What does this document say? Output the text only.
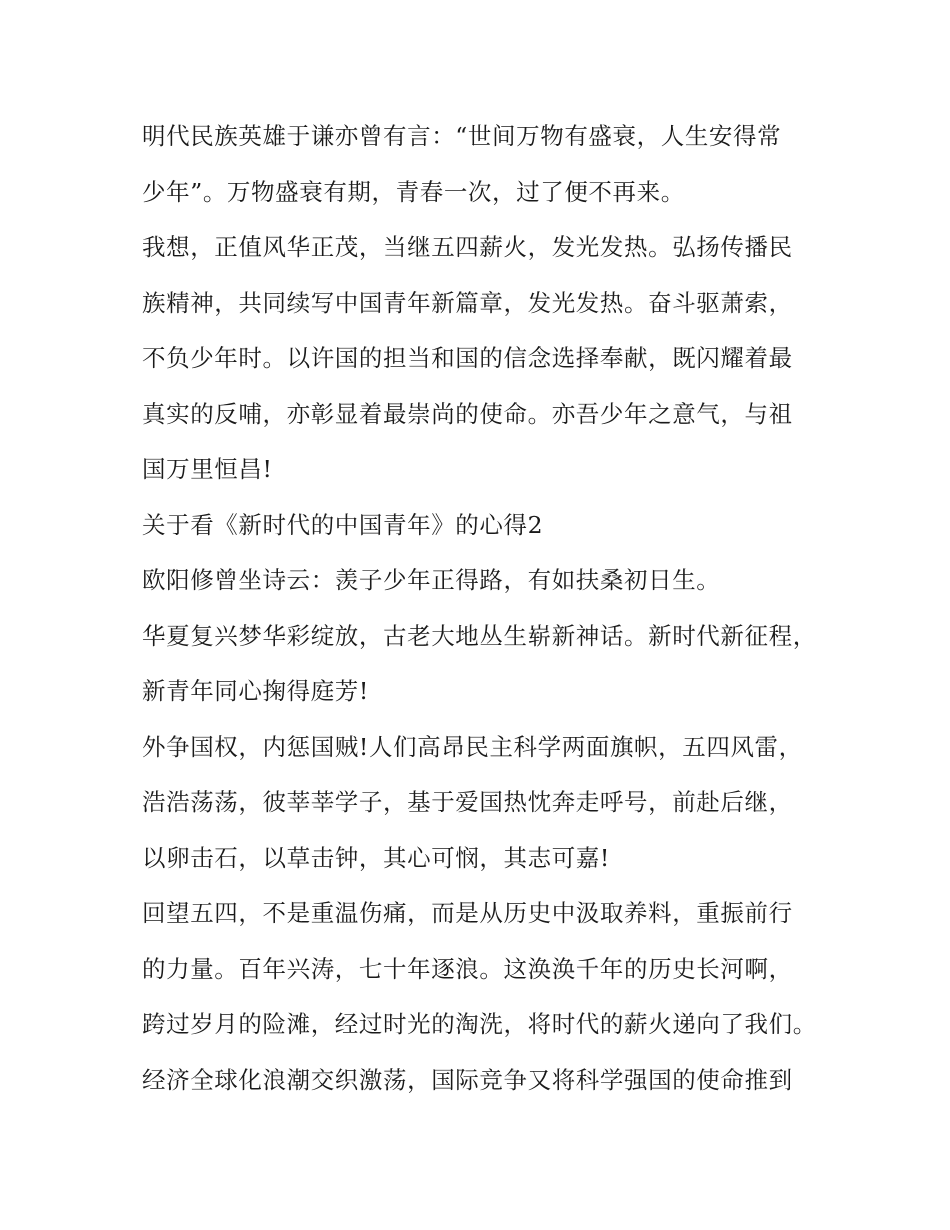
明代民族英雄于谦亦曾有言：“世间万物有盛衰，人生安得常
少年”。万物盛衰有期，青春一次，过了便不再来。
我想，正值风华正茂，当继五四薪火，发光发热。弘扬传播民
族精神，共同续写中国青年新篇章，发光发热。奋斗驱萧索，
不负少年时。以许国的担当和国的信念选择奉献，既闪耀着最
真实的反哺，亦彰显着最崇尚的使命。亦吾少年之意气，与祖
国万里恒昌!
关于看《新时代的中国青年》的心得2
欧阳修曾坐诗云：羡子少年正得路，有如扶桑初日生。
华夏复兴梦华彩绽放，古老大地丛生崭新神话。新时代新征程，
新青年同心掬得庭芳!
外争国权，内惩国贼!人们高昂民主科学两面旗帜，五四风雷，
浩浩荡荡，彼莘莘学子，基于爱国热忱奔走呼号，前赴后继，
以卵击石，以草击钟，其心可悯，其志可嘉!
回望五四，不是重温伤痛，而是从历史中汲取养料，重振前行
的力量。百年兴涛，七十年逐浪。这涣涣千年的历史长河啊，
跨过岁月的险滩，经过时光的淘洗，将时代的薪火递向了我们。
经济全球化浪潮交织激荡，国际竞争又将科学强国的使命推到
